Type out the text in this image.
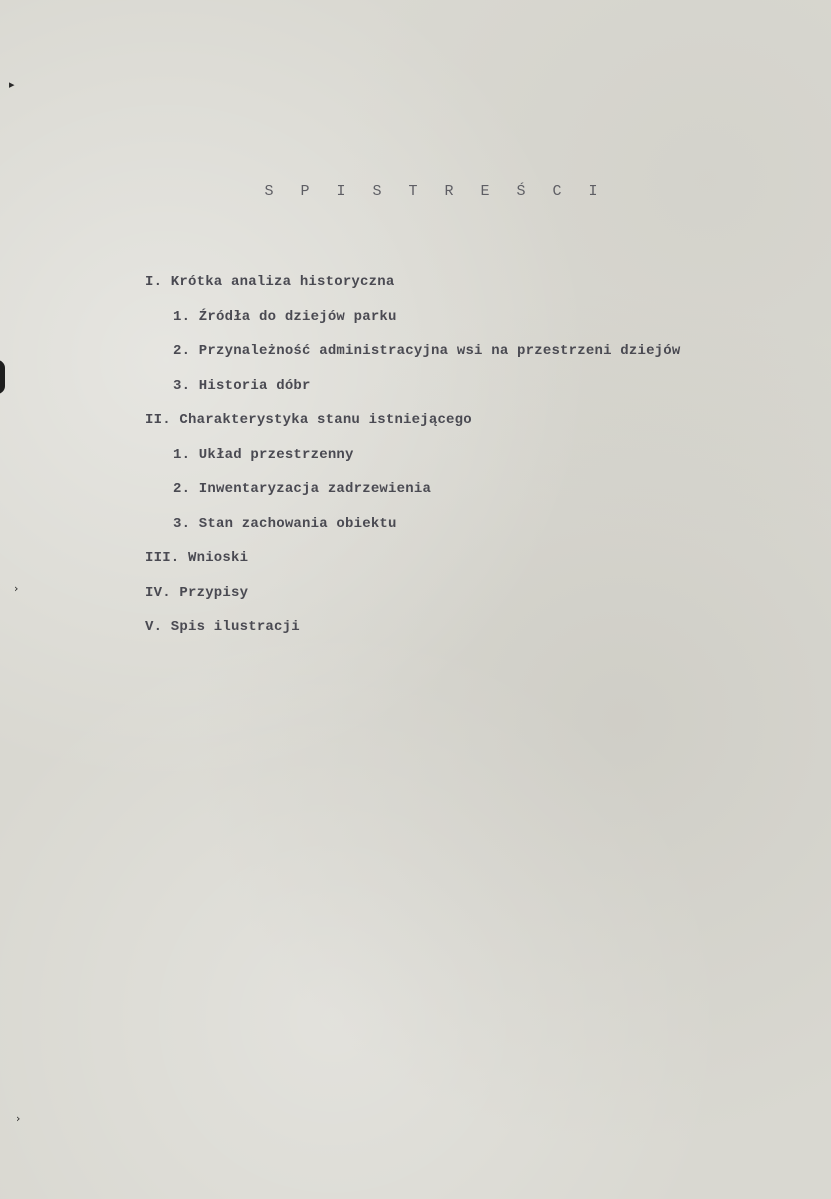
▸
›
›
S P I S T R E Ś C I
I. Krótka analiza historyczna
1. Źródła do dziejów parku
2. Przynależność administracyjna wsi na przestrzeni dziejów
3. Historia dóbr
II. Charakterystyka stanu istniejącego
1. Układ przestrzenny
2. Inwentaryzacja zadrzewienia
3. Stan zachowania obiektu
III. Wnioski
IV. Przypisy
V. Spis ilustracji
